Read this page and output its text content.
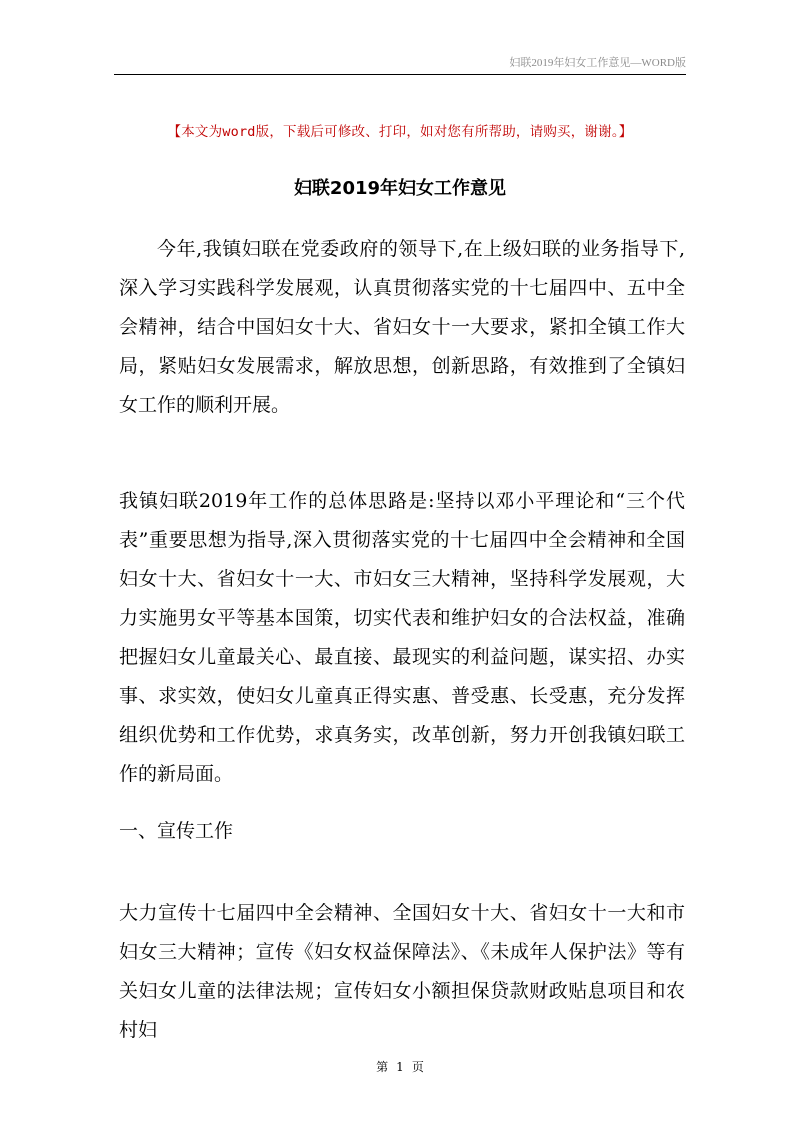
妇联2019年妇女工作意见—WORD版
【本文为word版，下载后可修改、打印，如对您有所帮助，请购买，谢谢。】
妇联2019年妇女工作意见
今年,我镇妇联在党委政府的领导下,在上级妇联的业务指导下,深入学习实践科学发展观，认真贯彻落实党的十七届四中、五中全会精神，结合中国妇女十大、省妇女十一大要求，紧扣全镇工作大局，紧贴妇女发展需求，解放思想，创新思路，有效推到了全镇妇女工作的顺利开展。
我镇妇联2019年工作的总体思路是:坚持以邓小平理论和“三个代表”重要思想为指导,深入贯彻落实党的十七届四中全会精神和全国妇女十大、省妇女十一大、市妇女三大精神，坚持科学发展观，大力实施男女平等基本国策，切实代表和维护妇女的合法权益，准确把握妇女儿童最关心、最直接、最现实的利益问题，谋实招、办实事、求实效，使妇女儿童真正得实惠、普受惠、长受惠，充分发挥组织优势和工作优势，求真务实，改革创新，努力开创我镇妇联工作的新局面。
一、宣传工作
大力宣传十七届四中全会精神、全国妇女十大、省妇女十一大和市妇女三大精神；宣传《妇女权益保障法》、《未成年人保护法》等有关妇女儿童的法律法规；宣传妇女小额担保贷款财政贴息项目和农村妇
第 1 页
